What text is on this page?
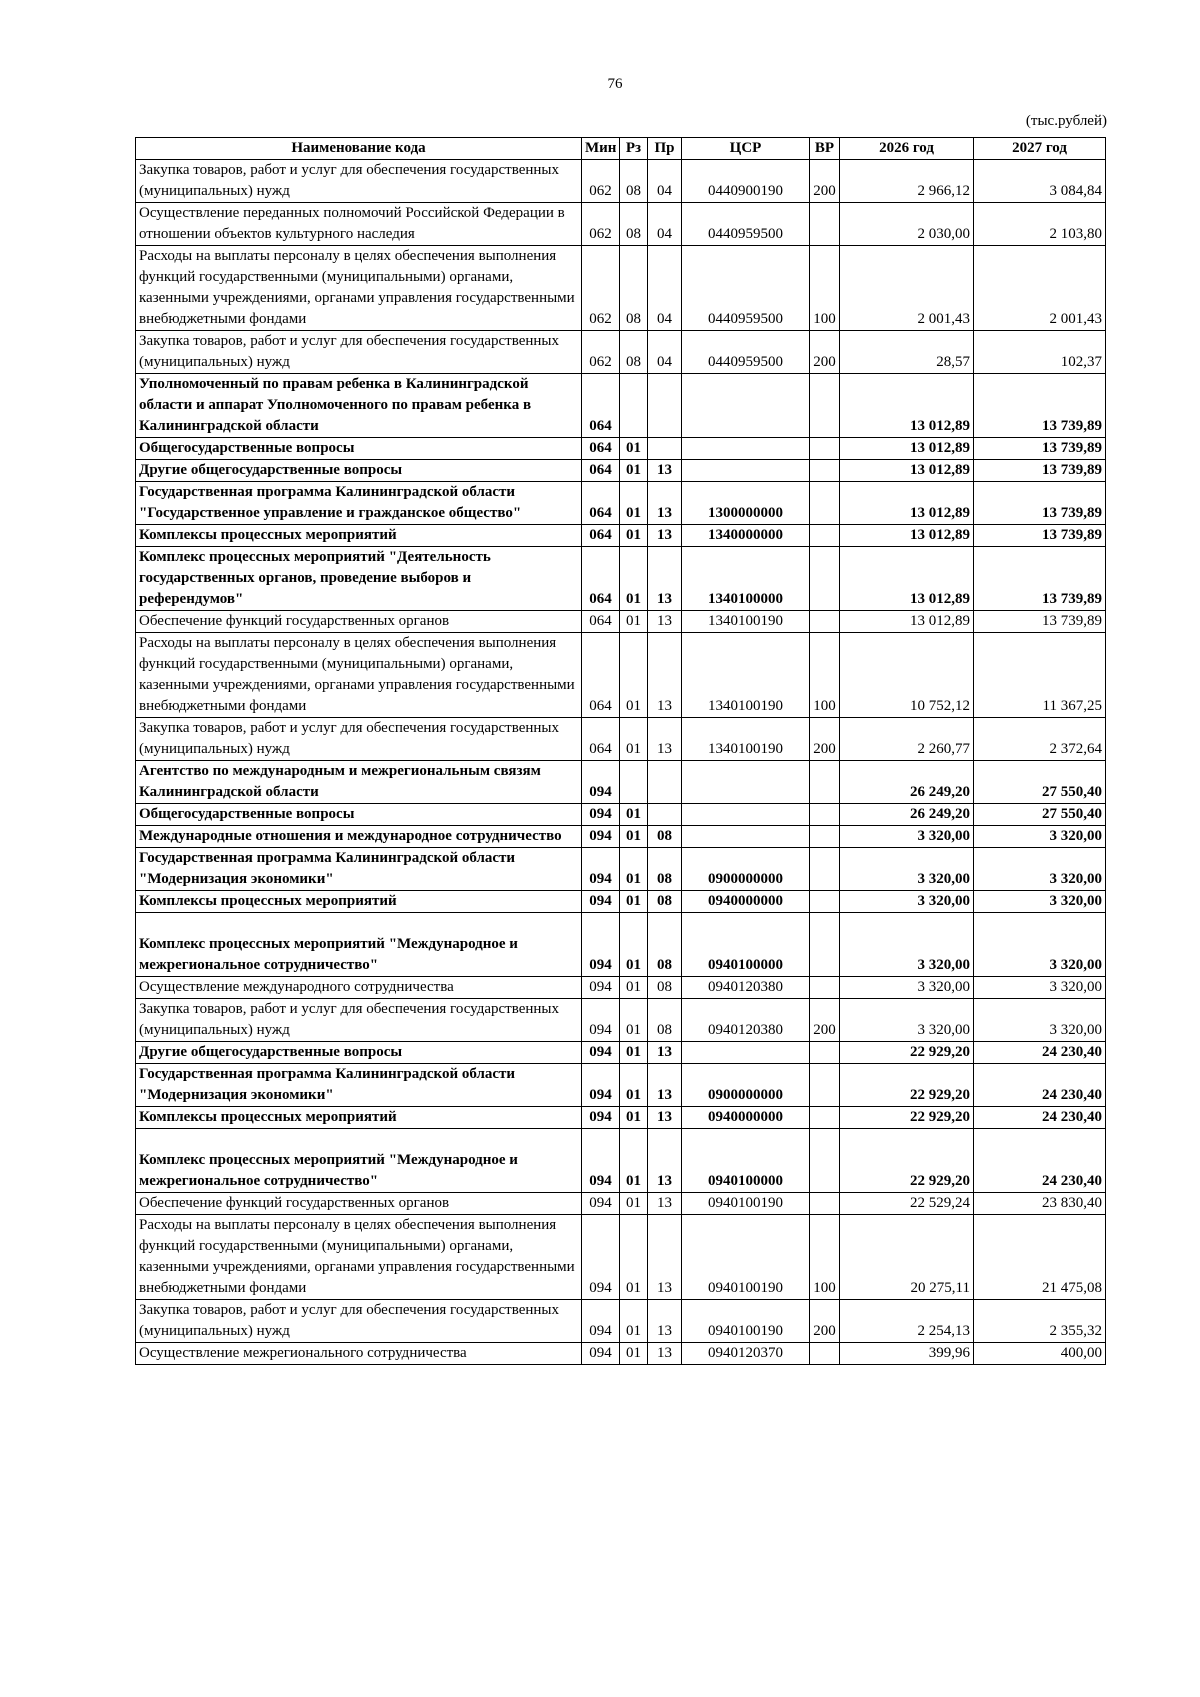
76
(тыс.рублей)
Наименование кода	Мин	Рз	Пр	ЦСР	ВР	2026 год	2027 год
Закупка товаров, работ и услуг для обеспечения государственных (муниципальных) нужд	062	08	04	0440900190	200	2 966,12	3 084,84
Осуществление переданных полномочий Российской Федерации в отношении объектов культурного наследия	062	08	04	0440959500		2 030,00	2 103,80
Расходы на выплаты персоналу в целях обеспечения выполнения функций государственными (муниципальными) органами, казенными учреждениями, органами управления государственными внебюджетными фондами	062	08	04	0440959500	100	2 001,43	2 001,43
Закупка товаров, работ и услуг для обеспечения государственных (муниципальных) нужд	062	08	04	0440959500	200	28,57	102,37
Уполномоченный по правам ребенка в Калининградской области и аппарат Уполномоченного по правам ребенка в Калининградской области	064					13 012,89	13 739,89
Общегосударственные вопросы	064	01				13 012,89	13 739,89
Другие общегосударственные вопросы	064	01	13			13 012,89	13 739,89
Государственная программа Калининградской области "Государственное управление и гражданское общество"	064	01	13	1300000000		13 012,89	13 739,89
Комплексы процессных мероприятий	064	01	13	1340000000		13 012,89	13 739,89
Комплекс процессных мероприятий "Деятельность государственных органов, проведение выборов и референдумов"	064	01	13	1340100000		13 012,89	13 739,89
Обеспечение функций государственных органов	064	01	13	1340100190		13 012,89	13 739,89
Расходы на выплаты персоналу в целях обеспечения выполнения функций государственными (муниципальными) органами, казенными учреждениями, органами управления государственными внебюджетными фондами	064	01	13	1340100190	100	10 752,12	11 367,25
Закупка товаров, работ и услуг для обеспечения государственных (муниципальных) нужд	064	01	13	1340100190	200	2 260,77	2 372,64
Агентство по международным и межрегиональным связям Калининградской области	094					26 249,20	27 550,40
Общегосударственные вопросы	094	01				26 249,20	27 550,40
Международные отношения и международное сотрудничество	094	01	08			3 320,00	3 320,00
Государственная программа Калининградской области "Модернизация экономики"	094	01	08	0900000000		3 320,00	3 320,00
Комплексы процессных мероприятий	094	01	08	0940000000		3 320,00	3 320,00
Комплекс процессных мероприятий "Международное и межрегиональное сотрудничество"	094	01	08	0940100000		3 320,00	3 320,00
Осуществление международного сотрудничества	094	01	08	0940120380		3 320,00	3 320,00
Закупка товаров, работ и услуг для обеспечения государственных (муниципальных) нужд	094	01	08	0940120380	200	3 320,00	3 320,00
Другие общегосударственные вопросы	094	01	13			22 929,20	24 230,40
Государственная программа Калининградской области "Модернизация экономики"	094	01	13	0900000000		22 929,20	24 230,40
Комплексы процессных мероприятий	094	01	13	0940000000		22 929,20	24 230,40
Комплекс процессных мероприятий "Международное и межрегиональное сотрудничество"	094	01	13	0940100000		22 929,20	24 230,40
Обеспечение функций государственных органов	094	01	13	0940100190		22 529,24	23 830,40
Расходы на выплаты персоналу в целях обеспечения выполнения функций государственными (муниципальными) органами, казенными учреждениями, органами управления государственными внебюджетными фондами	094	01	13	0940100190	100	20 275,11	21 475,08
Закупка товаров, работ и услуг для обеспечения государственных (муниципальных) нужд	094	01	13	0940100190	200	2 254,13	2 355,32
Осуществление межрегионального сотрудничества	094	01	13	0940120370		399,96	400,00
